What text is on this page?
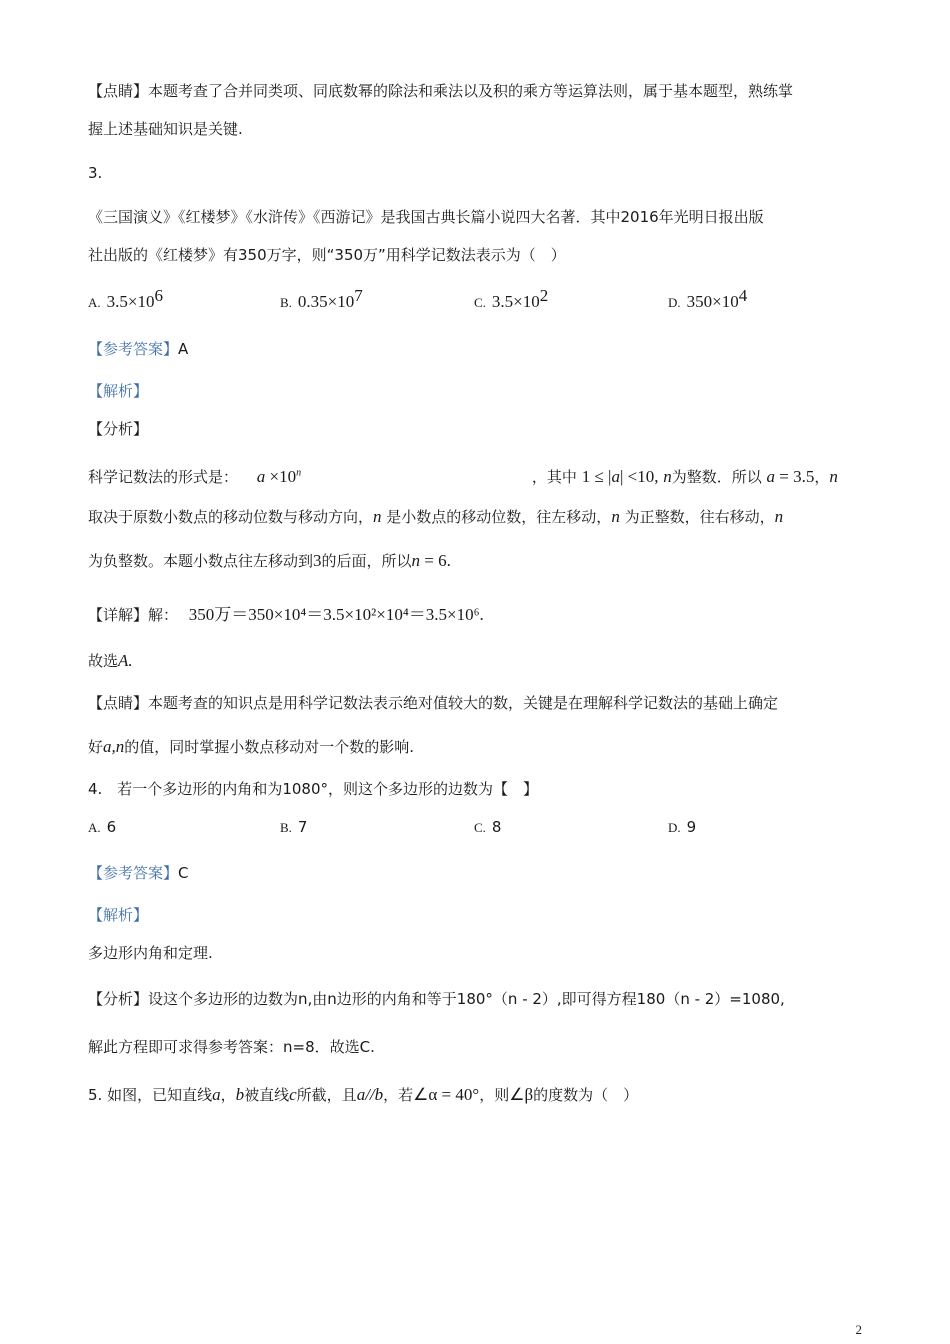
【点睛】本题考查了合并同类项、同底数幂的除法和乘法以及积的乘方等运算法则，属于基本题型，熟练掌
握上述基础知识是关键.
3.
《三国演义》《红楼梦》《水浒传》《西游记》是我国古典长篇小说四大名著．其中2016年光明日报出版
社出版的《红楼梦》有350万字，则“350万”用科学记数法表示为（　）
A. $3.5\times 10^6$	B. $0.35\times 10^7$	C. $3.5\times 10^2$	D. $350\times 10^4$
【参考答案】A
【解析】
【分析】
科学记数法的形式是： $a \times 10^n$	，其中 1 ≤ |a| <10, n为整数．所以 a = 3.5，n
取决于原数小数点的移动位数与移动方向，n 是小数点的移动位数，往左移动，n 为正整数，往右移动，n
为负整数。本题小数点往左移动到3的后面，所以n = 6.
【详解】解： 350万＝350×10⁴＝3.5×10²×10⁴＝3.5×10⁶.
故选A.
【点睛】本题考查的知识点是用科学记数法表示绝对值较大的数，关键是在理解科学记数法的基础上确定
好a,n的值，同时掌握小数点移动对一个数的影响.
4.　若一个多边形的内角和为1080°，则这个多边形的边数为【　】
A. 6	B. 7	C. 8	D. 9
【参考答案】C
【解析】
多边形内角和定理.
【分析】设这个多边形的边数为n,由n边形的内角和等于180°（n - 2）,即可得方程180（n - 2）=1080,
解此方程即可求得参考答案：n=8．故选C.
5. 如图，已知直线a，b被直线c所截，且a//b，若∠α = 40°，则∠β的度数为（　）
2
